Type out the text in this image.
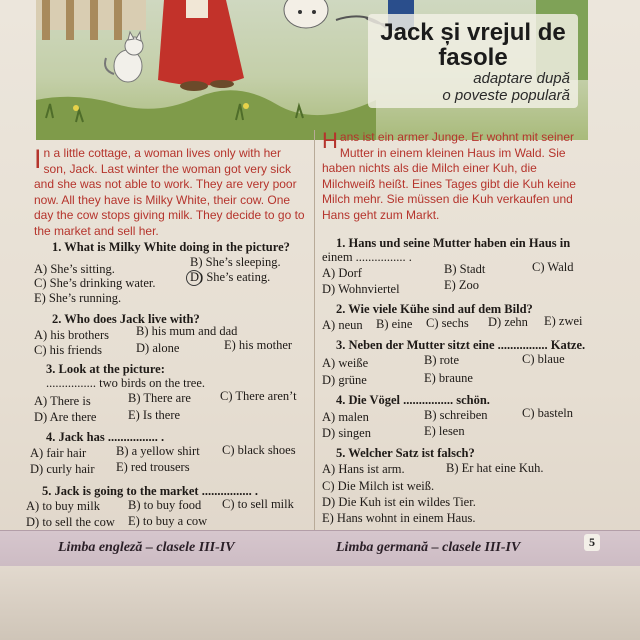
Jack și vrejul de fasole
adaptare după
o poveste populară
In a little cottage, a woman lives only with her son, Jack. Last winter the woman got very sick and she was not able to work. They are very poor now. All they have is Milky White, their cow. One day the cow stops giving milk. They decide to go to the market and sell her.
Hans ist ein armer Junge. Er wohnt mit seiner Mutter in einem kleinen Haus im Wald. Sie haben nichts als die Milch einer Kuh, die Milchweiß heißt. Eines Tages gibt die Kuh keine Milch mehr. Sie müssen die Kuh verkaufen und Hans geht zum Markt.
1. What is Milky White doing in the picture?
A) She’s sitting.	B) She’s sleeping.
C) She’s drinking water.	D) She’s eating.
E) She’s running.
2. Who does Jack live with?
A) his brothers B) his mum and dad
C) his friends	D) alone	E) his mother
3. Look at the picture:
................ two birds on the tree.
A) There is	B) There are C) There aren’t
D) Are there	E) Is there
4. Jack has ................ .
A) fair hair B) a yellow shirt C) black shoes
D) curly hair E) red trousers
5. Jack is going to the market ................ .
A) to buy milk B) to buy food C) to sell milk
D) to sell the cow E) to buy a cow
1. Hans und seine Mutter haben ein Haus in
einem ................ .
A) Dorf	B) Stadt	C) Wald
D) Wohnviertel	E) Zoo
2. Wie viele Kühe sind auf dem Bild?
A) neun B) eine C) sechs D) zehn E) zwei
3. Neben der Mutter sitzt eine ................ Katze.
A) weiße	B) rote	C) blaue
D) grüne	E) braune
4. Die Vögel ................ schön.
A) malen	B) schreiben	C) basteln
D) singen	E) lesen
5. Welcher Satz ist falsch?
A) Hans ist arm.	B) Er hat eine Kuh.
C) Die Milch ist weiß.
D) Die Kuh ist ein wildes Tier.
E) Hans wohnt in einem Haus.
Limba engleză – clasele III-IV	Limba germană – clasele III-IV	5
